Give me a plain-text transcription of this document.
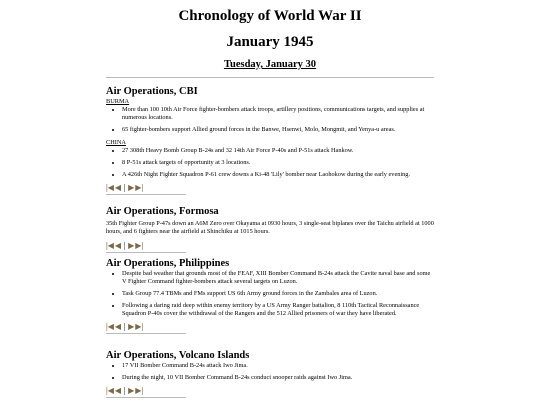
Chronology of World War II
January 1945
Tuesday, January 30
Air Operations, CBI
BURMA
• More than 100 10th Air Force fighter-bombers attack troops, artillery positions, communications targets, and supplies at numerous locations.
• 65 fighter-bombers support Allied ground forces in the Banwe, Hsenwi, Molo, Mongmit, and Yenya-u areas.
CHINA
• 27 308th Heavy Bomb Group B-24s and 32 14th Air Force P-40s and P-51s attack Hankow.
• 8 P-51s attack targets of opportunity at 3 locations.
• A 426th Night Fighter Squadron P-61 crew downs a Ki-48 'Lily' bomber near Laohokow during the early evening.
|◀ ◀ ▶ ▶|
Air Operations, Formosa

35th Fighter Group P-47s down an A6M Zero over Okayama at 0930 hours, 3 single-seat biplanes over the Taichu airfield at 1000 hours, and 6 fighters near the airfield at Shinchiku at 1015 hours.

|◀ ◀ ▶ ▶|
Air Operations, Philippines
• Despite bad weather that grounds most of the FEAF, XIII Bomber Command B-24s attack the Cavite naval base and some V Fighter Command fighter-bombers attack several targets on Luzon.
• Task Group 77.4 TBMs and FMs support US 6th Army ground forces in the Zambales area of Luzon.
• Following a daring raid deep within enemy territory by a US Army Ranger battalion, 8 110th Tactical Reconnaissance Squadron P-40s cover the withdrawal of the Rangers and the 512 Allied prisoners of war they have liberated.
|◀ ◀ ▶ ▶|
Air Operations, Volcano Islands
• 17 VII Bomber Command B-24s attack Iwo Jima.
• During the night, 10 VII Bomber Command B-24s conduct snooper raids against Iwo Jima.
|◀ ◀ ▶ ▶|
